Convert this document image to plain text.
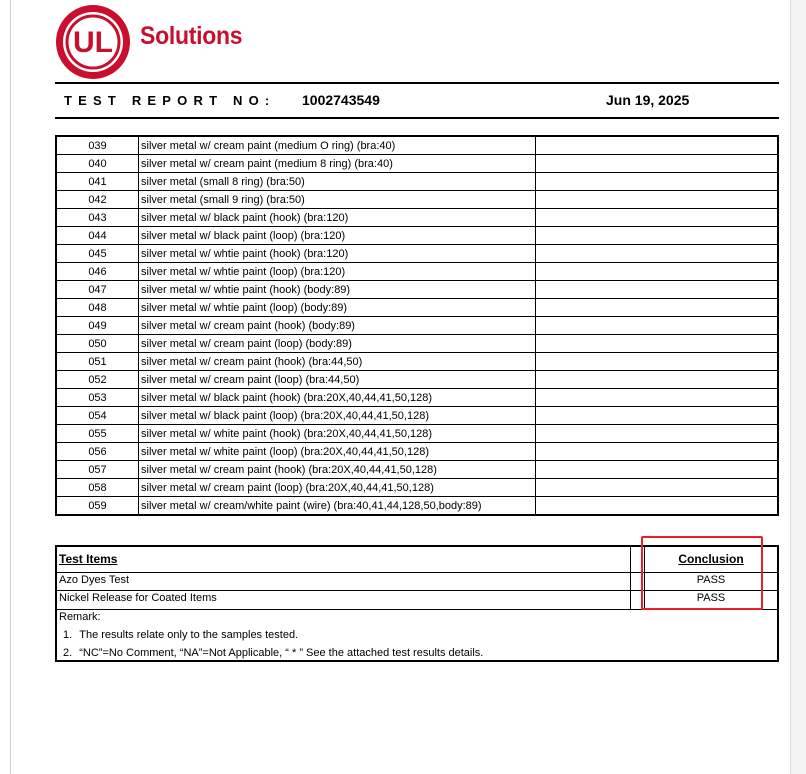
UL Solutions
TEST REPORT NO: 1002743549	Jun 19, 2025
039	silver metal w/ cream paint (medium O ring) (bra:40)	
040	silver metal w/ cream paint (medium 8 ring) (bra:40)	
041	silver metal (small 8 ring) (bra:50)	
042	silver metal (small 9 ring) (bra:50)	
043	silver metal w/ black paint (hook) (bra:120)	
044	silver metal w/ black paint (loop) (bra:120)	
045	silver metal w/ whtie paint (hook) (bra:120)	
046	silver metal w/ whtie paint (loop) (bra:120)	
047	silver metal w/ whtie paint (hook) (body:89)	
048	silver metal w/ whtie paint (loop) (body:89)	
049	silver metal w/ cream paint (hook) (body:89)	
050	silver metal w/ cream paint (loop) (body:89)	
051	silver metal w/ cream paint (hook) (bra:44,50)	
052	silver metal w/ cream paint (loop) (bra:44,50)	
053	silver metal w/ black paint (hook) (bra:20X,40,44,41,50,128)	
054	silver metal w/ black paint (loop) (bra:20X,40,44,41,50,128)	
055	silver metal w/ white paint (hook) (bra:20X,40,44,41,50,128)	
056	silver metal w/ white paint (loop) (bra:20X,40,44,41,50,128)	
057	silver metal w/ cream paint (hook) (bra:20X,40,44,41,50,128)	
058	silver metal w/ cream paint (loop) (bra:20X,40,44,41,50,128)	
059	silver metal w/ cream/white paint (wire) (bra:40,41,44,128,50,body:89)	
Test Items	Conclusion
Azo Dyes Test	PASS
Nickel Release for Coated Items	PASS
Remark:
1. The results relate only to the samples tested.
2. “NC”=No Comment, “NA”=Not Applicable, “ * ” See the attached test results details.
